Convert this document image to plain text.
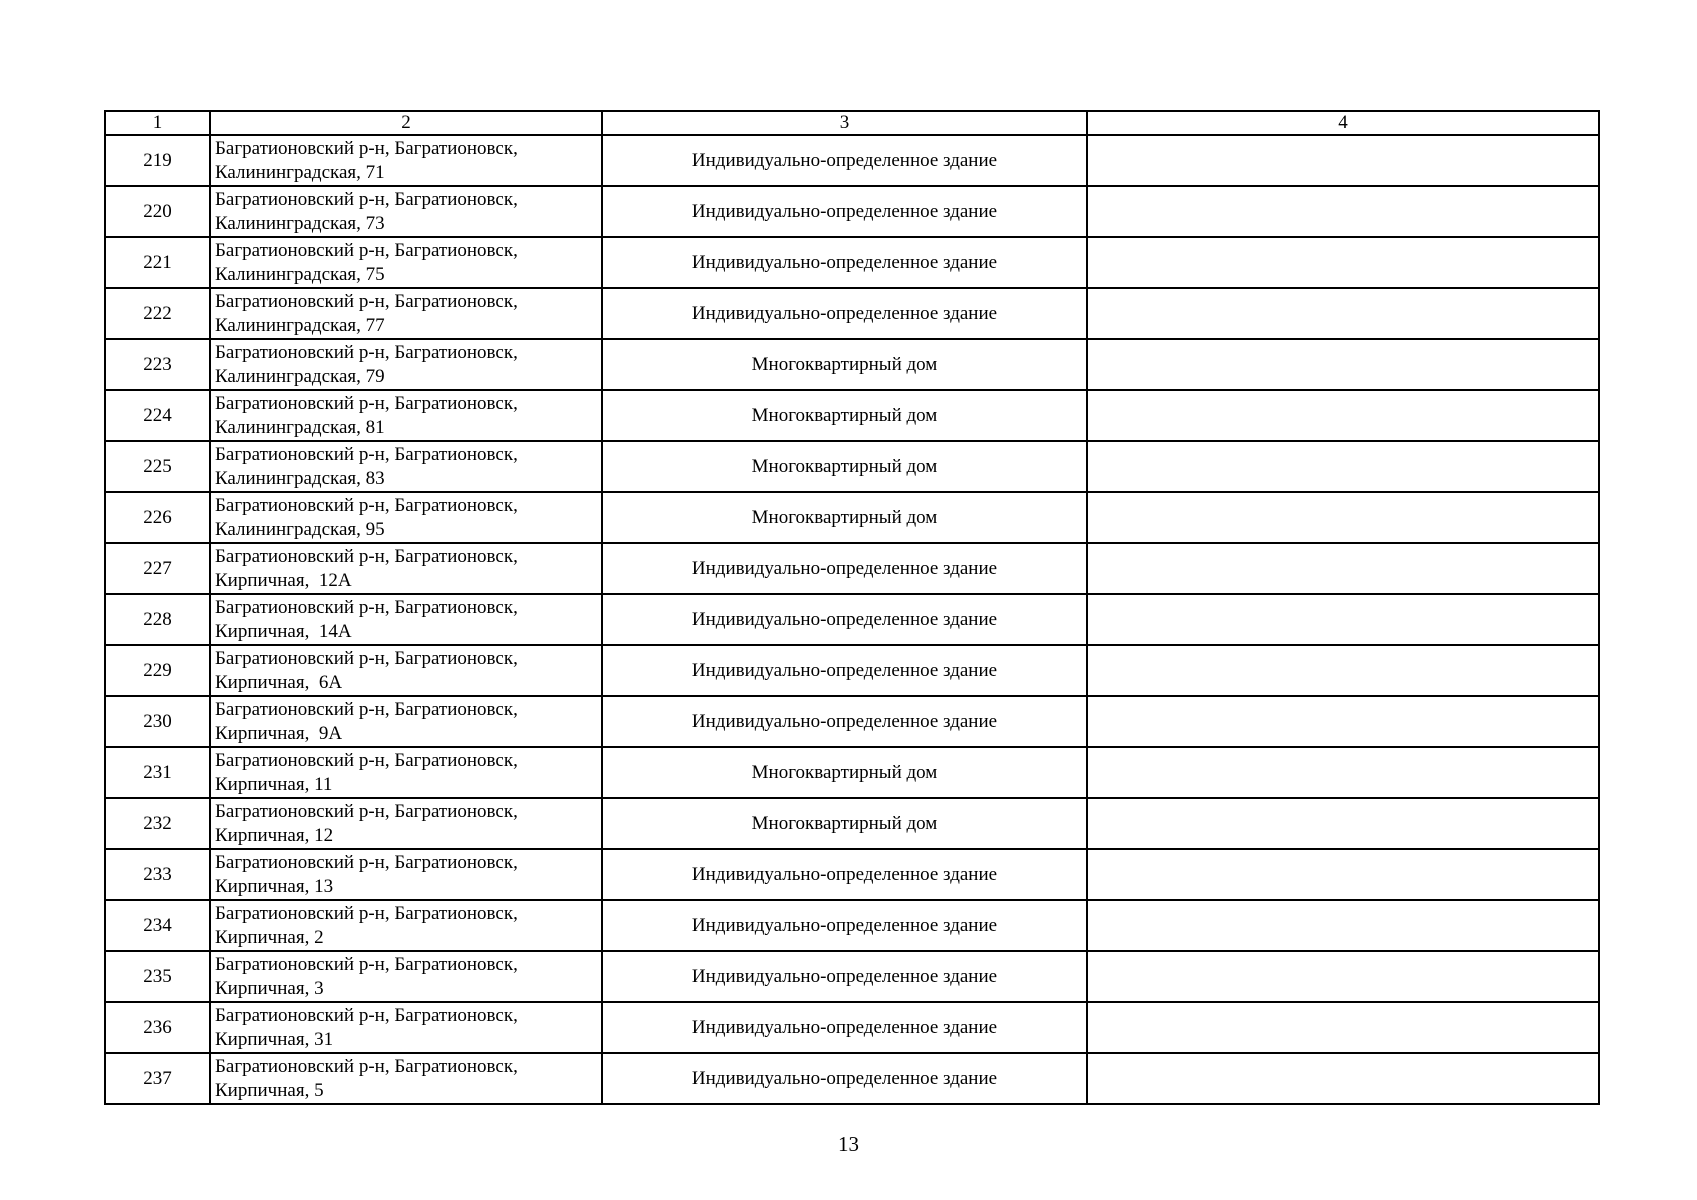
1	2	3	4
219	Багратионовский р-н, Багратионовск,
Калининградская, 71	Индивидуально-определенное здание	
220	Багратионовский р-н, Багратионовск,
Калининградская, 73	Индивидуально-определенное здание	
221	Багратионовский р-н, Багратионовск,
Калининградская, 75	Индивидуально-определенное здание	
222	Багратионовский р-н, Багратионовск,
Калининградская, 77	Индивидуально-определенное здание	
223	Багратионовский р-н, Багратионовск,
Калининградская, 79	Многоквартирный дом	
224	Багратионовский р-н, Багратионовск,
Калининградская, 81	Многоквартирный дом	
225	Багратионовский р-н, Багратионовск,
Калининградская, 83	Многоквартирный дом	
226	Багратионовский р-н, Багратионовск,
Калининградская, 95	Многоквартирный дом	
227	Багратионовский р-н, Багратионовск,
Кирпичная,  12А	Индивидуально-определенное здание	
228	Багратионовский р-н, Багратионовск,
Кирпичная,  14А	Индивидуально-определенное здание	
229	Багратионовский р-н, Багратионовск,
Кирпичная,  6А	Индивидуально-определенное здание	
230	Багратионовский р-н, Багратионовск,
Кирпичная,  9А	Индивидуально-определенное здание	
231	Багратионовский р-н, Багратионовск,
Кирпичная, 11	Многоквартирный дом	
232	Багратионовский р-н, Багратионовск,
Кирпичная, 12	Многоквартирный дом	
233	Багратионовский р-н, Багратионовск,
Кирпичная, 13	Индивидуально-определенное здание	
234	Багратионовский р-н, Багратионовск,
Кирпичная, 2	Индивидуально-определенное здание	
235	Багратионовский р-н, Багратионовск,
Кирпичная, 3	Индивидуально-определенное здание	
236	Багратионовский р-н, Багратионовск,
Кирпичная, 31	Индивидуально-определенное здание	
237	Багратионовский р-н, Багратионовск,
Кирпичная, 5	Индивидуально-определенное здание	
13
